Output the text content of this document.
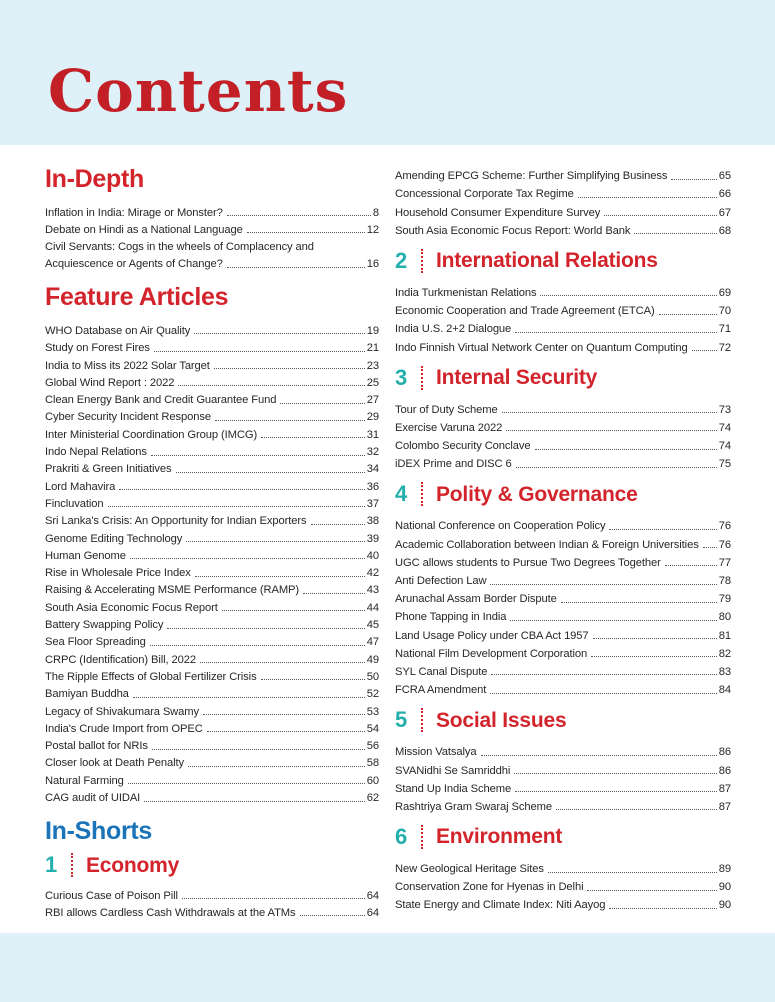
Contents
In-Depth
Inflation in India: Mirage or Monster?	8
Debate on Hindi as a National Language	12
Civil Servants: Cogs in the wheels of Complacency and
Acquiescence or Agents of Change?	16
Feature Articles
WHO Database on Air Quality	19
Study on Forest Fires	21
India to Miss its 2022 Solar Target	23
Global Wind Report : 2022	25
Clean Energy Bank and Credit Guarantee Fund	27
Cyber Security Incident Response	29
Inter Ministerial Coordination Group (IMCG)	31
Indo Nepal Relations	32
Prakriti & Green Initiatives	34
Lord Mahavira	36
Fincluvation	37
Sri Lanka's Crisis: An Opportunity for Indian Exporters	38
Genome Editing Technology	39
Human Genome	40
Rise in Wholesale Price Index	42
Raising & Accelerating MSME Performance (RAMP)	43
South Asia Economic Focus Report	44
Battery Swapping Policy	45
Sea Floor Spreading	47
CRPC (Identification) Bill, 2022	49
The Ripple Effects of Global Fertilizer Crisis	50
Bamiyan Buddha	52
Legacy of Shivakumara Swamy	53
India's Crude Import from OPEC	54
Postal ballot for NRIs	56
Closer look at Death Penalty	58
Natural Farming	60
CAG audit of UIDAI	62
In-Shorts
1 Economy
Curious Case of Poison Pill	64
RBI allows Cardless Cash Withdrawals at the ATMs	64
Amending EPCG Scheme: Further Simplifying Business	65
Concessional Corporate Tax Regime	66
Household Consumer Expenditure Survey	67
South Asia Economic Focus Report: World Bank	68
2 International Relations
India Turkmenistan Relations	69
Economic Cooperation and Trade Agreement (ETCA)	70
India U.S. 2+2 Dialogue	71
Indo Finnish Virtual Network Center on Quantum Computing	72
3 Internal Security
Tour of Duty Scheme	73
Exercise Varuna 2022	74
Colombo Security Conclave	74
iDEX Prime and DISC 6	75
4 Polity & Governance
National Conference on Cooperation Policy	76
Academic Collaboration between Indian & Foreign Universities 76
UGC allows students to Pursue Two Degrees Together	77
Anti Defection Law	78
Arunachal Assam Border Dispute	79
Phone Tapping in India	80
Land Usage Policy under CBA Act 1957	81
National Film Development Corporation	82
SYL Canal Dispute	83
FCRA Amendment	84
5 Social Issues
Mission Vatsalya	86
SVANidhi Se Samriddhi	86
Stand Up India Scheme	87
Rashtriya Gram Swaraj Scheme	87
6 Environment
New Geological Heritage Sites	89
Conservation Zone for Hyenas in Delhi	90
State Energy and Climate Index: Niti Aayog	90
